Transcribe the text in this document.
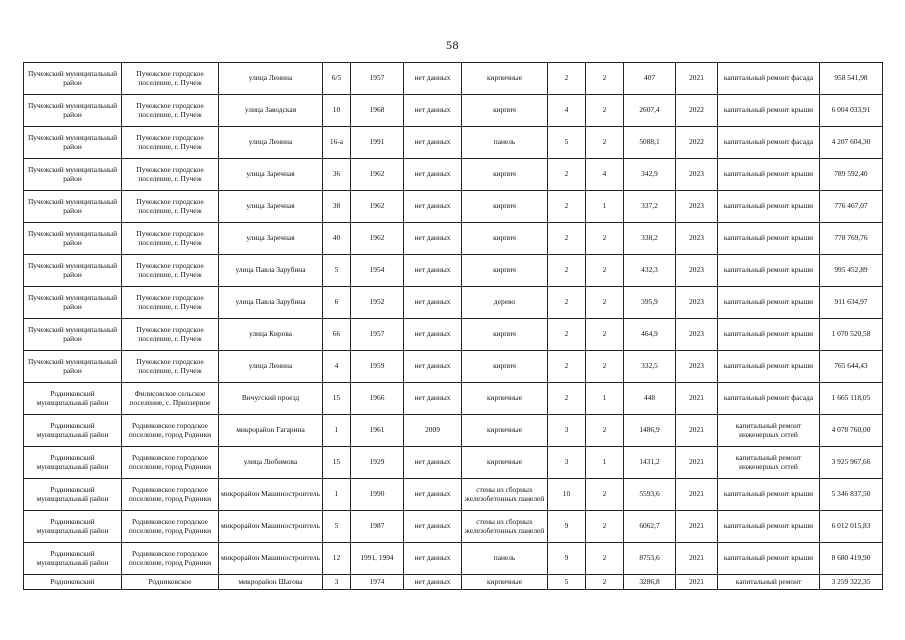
58
Пучежский муниципальный район	Пучежское городское поселение, г. Пучеж	улица Ленина	6/5	1957	нет данных	кирпичные	2	2	407	2021	капитальный ремонт фасада	958 541,98
Пучежский муниципальный район	Пучежское городское поселение, г. Пучеж	улица Заводская	10	1968	нет данных	кирпич	4	2	2607,4	2022	капитальный ремонт крыши	6 004 033,91
Пучежский муниципальный район	Пучежское городское поселение, г. Пучеж	улица Ленина	16-а	1991	нет данных	панель	5	2	5088,1	2022	капитальный ремонт фасада	4 207 604,30
Пучежский муниципальный район	Пучежское городское поселение, г. Пучеж	улица Заречная	36	1962	нет данных	кирпич	2	4	342,9	2023	капитальный ремонт крыши	789 592,40
Пучежский муниципальный район	Пучежское городское поселение, г. Пучеж	улица Заречная	38	1962	нет данных	кирпич	2	1	337,2	2023	капитальный ремонт крыши	776 467,07
Пучежский муниципальный район	Пучежское городское поселение, г. Пучеж	улица Заречная	40	1962	нет данных	кирпич	2	2	338,2	2023	капитальный ремонт крыши	778 769,76
Пучежский муниципальный район	Пучежское городское поселение, г. Пучеж	улица Павла Зарубина	5	1954	нет данных	кирпич	2	2	432,3	2023	капитальный ремонт крыши	995 452,89
Пучежский муниципальный район	Пучежское городское поселение, г. Пучеж	улица Павла Зарубина	6	1952	нет данных	дерево	2	2	395,9	2023	капитальный ремонт крыши	911 634,97
Пучежский муниципальный район	Пучежское городское поселение, г. Пучеж	улица Кирова	66	1957	нет данных	кирпич	2	2	464,9	2023	капитальный ремонт крыши	1 070 520,58
Пучежский муниципальный район	Пучежское городское поселение, г. Пучеж	улица Ленина	4	1959	нет данных	кирпич	2	2	332,5	2023	капитальный ремонт крыши	765 644,43
Родниковский муниципальный район	Филисовское сельское поселение, с. Приозерное	Вичугский проезд	15	1966	нет данных	кирпичные	2	1	448	2021	капитальный ремонт фасада	1 665 118,05
Родниковский муниципальный район	Родниковское городское поселение, город Родники	микрорайон Гагарина	1	1961	2009	кирпичные	3	2	1486,9	2021	капитальный ремонт инженерных сетей	4 078 760,00
Родниковский муниципальный район	Родниковское городское поселение, город Родники	улица Любимова	15	1929	нет данных	кирпичные	3	1	1431,2	2021	капитальный ремонт инженерных сетей	3 925 967,66
Родниковский муниципальный район	Родниковское городское поселение, город Родники	микрорайон Машиностроитель	1	1990	нет данных	стены из сборных железобетонных панелей	10	2	5593,6	2021	капитальный ремонт крыши	5 346 837,50
Родниковский муниципальный район	Родниковское городское поселение, город Родники	микрорайон Машиностроитель	5	1987	нет данных	стены из сборных железобетонных панелей	9	2	6062,7	2021	капитальный ремонт крыши	6 012 015,83
Родниковский муниципальный район	Родниковское городское поселение, город Родники	микрорайон Машиностроитель	12	1991, 1994	нет данных	панель	9	2	8753,6	2021	капитальный ремонт крыши	8 680 419,90
Родниковский	Родниковское	микрорайон Шагова	3	1974	нет данных	кирпичные	5	2	3286,8	2021	капитальный ремонт	3 259 322,35
